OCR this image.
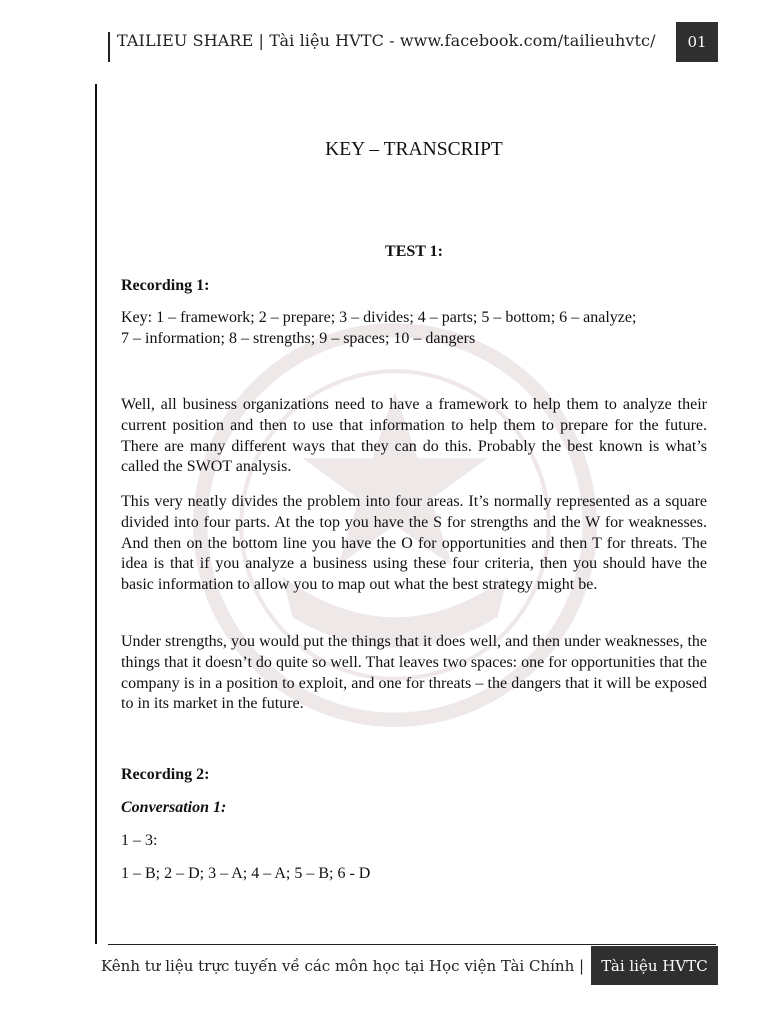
TAILIEU SHARE | Tài liệu HVTC - www.facebook.com/tailieuhvtc/	01
KEY – TRANSCRIPT
TEST 1:
Recording 1:
Key: 1 – framework; 2 – prepare; 3 – divides; 4 – parts; 5 – bottom; 6 – analyze;
7 – information; 8 – strengths; 9 – spaces; 10 – dangers

Well, all business organizations need to have a framework to help them to analyze their current position and then to use that information to help them to prepare for the future. There are many different ways that they can do this. Probably the best known is what’s called the SWOT analysis.

This very neatly divides the problem into four areas. It’s normally represented as a square divided into four parts. At the top you have the S for strengths and the W for weaknesses. And then on the bottom line you have the O for opportunities and then T for threats. The idea is that if you analyze a business using these four criteria, then you should have the basic information to allow you to map out what the best strategy might be.

Under strengths, you would put the things that it does well, and then under weaknesses, the things that it doesn’t do quite so well. That leaves two spaces: one for opportunities that the company is in a position to exploit, and one for threats – the dangers that it will be exposed to in its market in the future.

Recording 2:
Conversation 1:
1 – 3:
1 – B; 2 – D; 3 – A; 4 – A; 5 – B; 6 - D
Kênh tư liệu trực tuyến về các môn học tại Học viện Tài Chính |	Tài liệu HVTC
